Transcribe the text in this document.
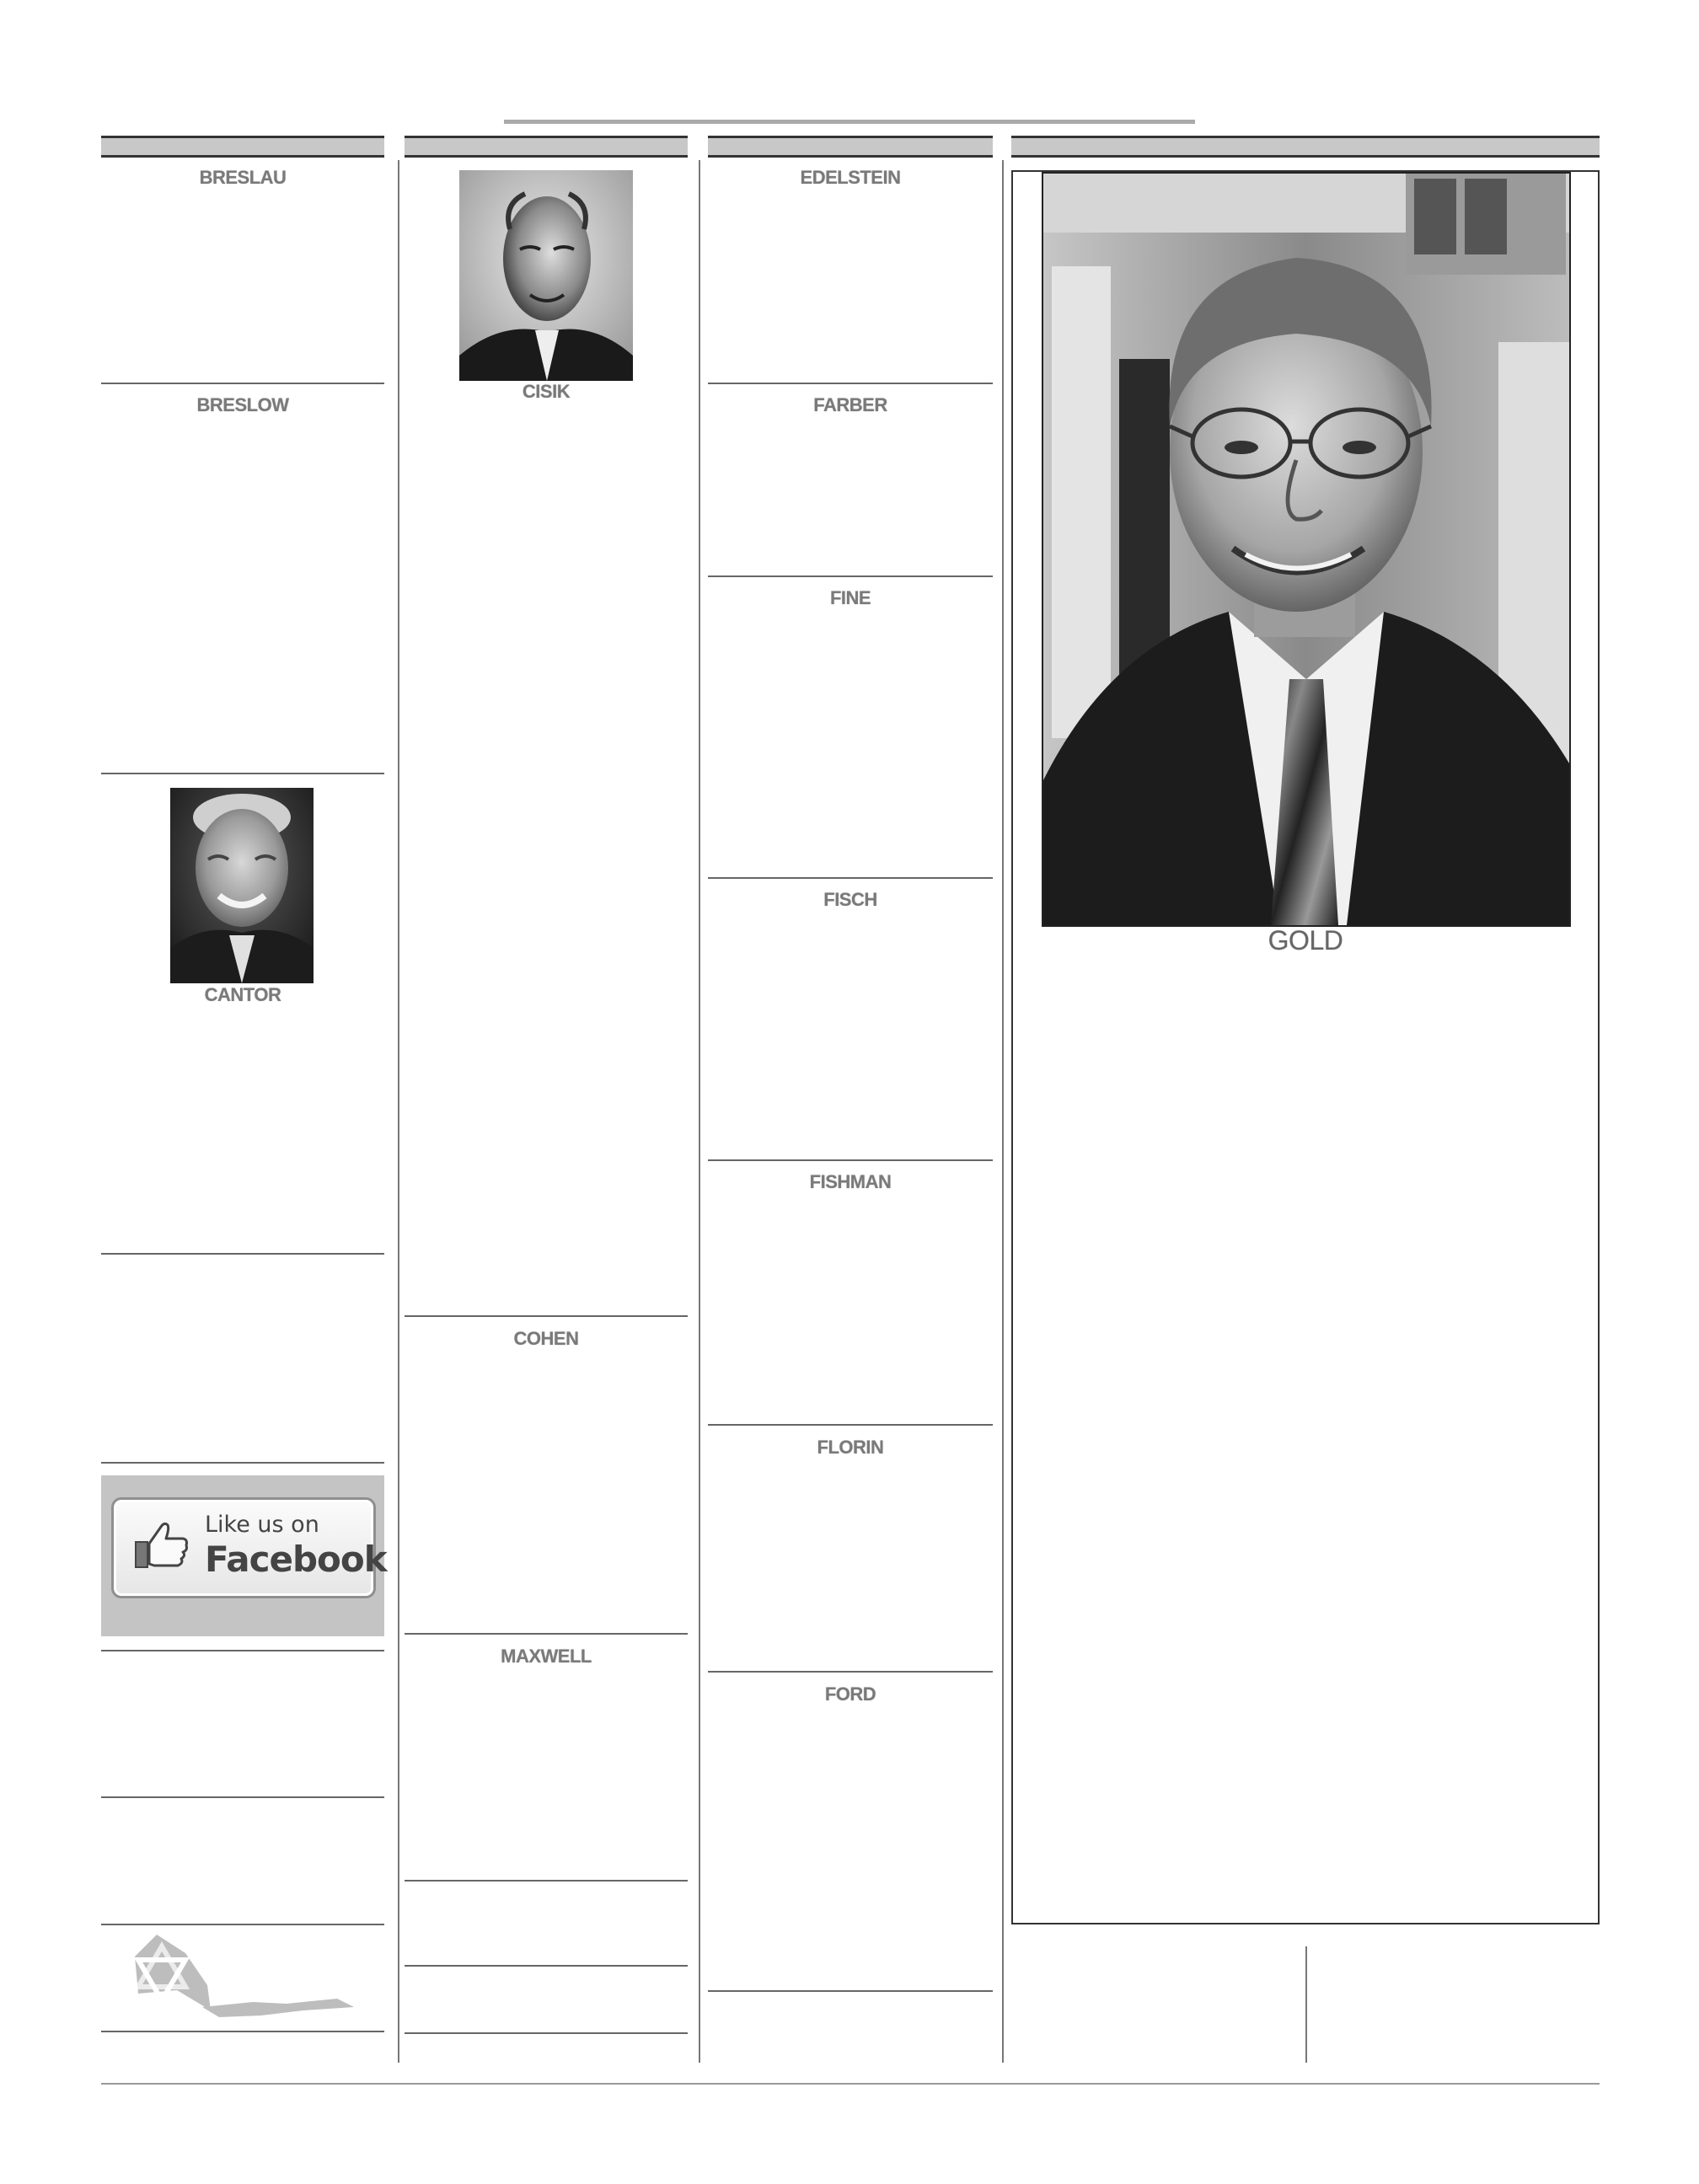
BRESLAU
BRESLOW
CANTOR
Like us on
Facebook
CISIK
COHEN
MAXWELL
EDELSTEIN
FARBER
FINE
FISCH
FISHMAN
FLORIN
FORD
GOLD
